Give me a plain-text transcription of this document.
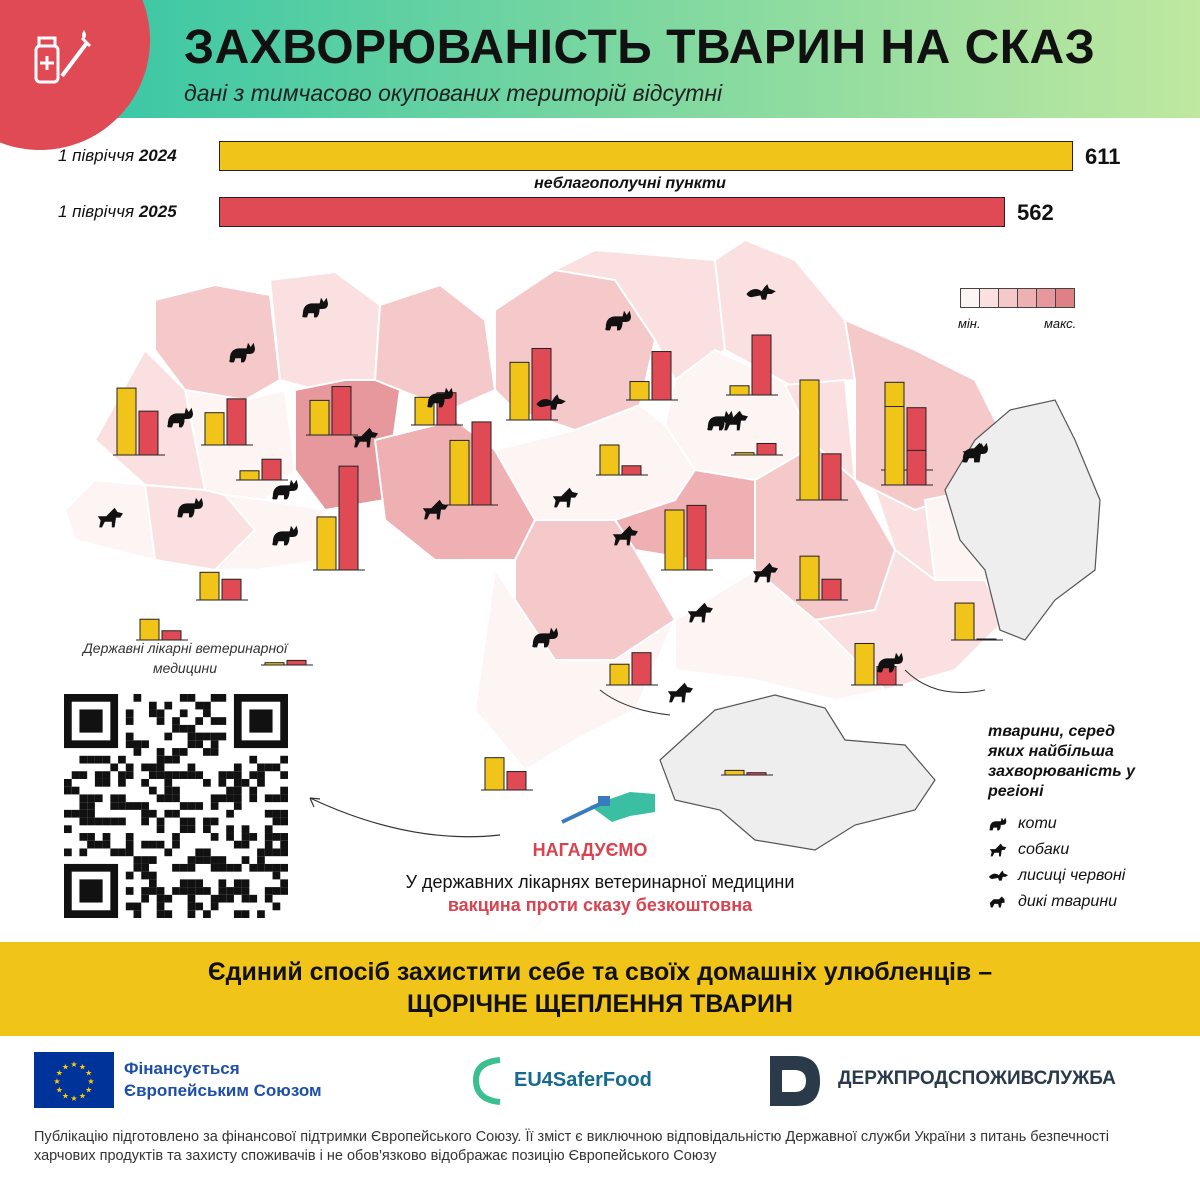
ЗАХВОРЮВАНІСТЬ ТВАРИН НА СКАЗ
дані з тимчасово окупованих територій відсутні
1 півріччя 2024	611
неблагополучні пункти
1 півріччя 2025	562
мін.	макс.
Державні лікарні ветеринарної медицини
НАГАДУЄМО
У державних лікарнях ветеринарної медицини
вакцина проти сказу безкоштовна
тварини, серед яких найбільша захворюваність у регіоні
коти
собаки
лисиці червоні
дикі тварини
Єдиний спосіб захистити себе та своїх домашніх улюбленців –
ЩОРІЧНЕ ЩЕПЛЕННЯ ТВАРИН
★
★
★
★
★
★
★
★
★ ★ ★
★ Фінансується
Європейським Союзом	EU4SaferFood	ДЕРЖПРОДСПОЖИВСЛУЖБА
Публікацію підготовлено за фінансової підтримки Європейського Союзу. Її зміст є виключною відповідальністю Державної служби України з питань безпечності харчових продуктів та захисту споживачів і не обов'язково відображає позицію Європейського Союзу
